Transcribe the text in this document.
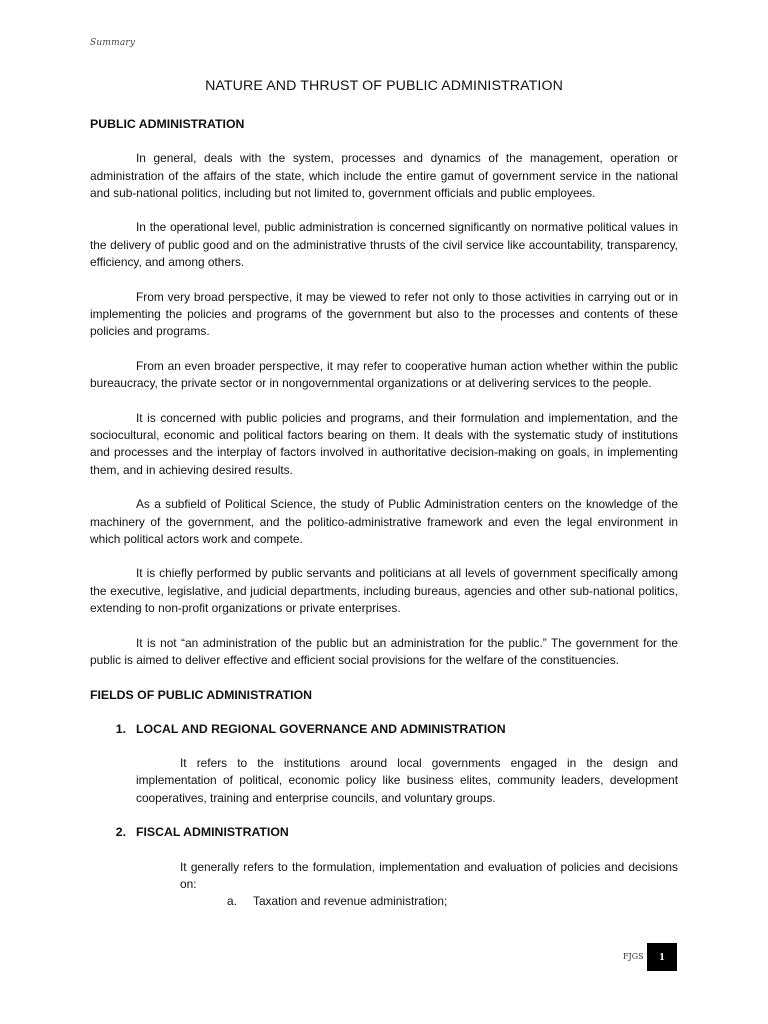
Summary
NATURE AND THRUST OF PUBLIC ADMINISTRATION
PUBLIC ADMINISTRATION

In general, deals with the system, processes and dynamics of the management, operation or administration of the affairs of the state, which include the entire gamut of government service in the national and sub-national politics, including but not limited to, government officials and public employees.

In the operational level, public administration is concerned significantly on normative political values in the delivery of public good and on the administrative thrusts of the civil service like accountability, transparency, efficiency, and among others.

From very broad perspective, it may be viewed to refer not only to those activities in carrying out or in implementing the policies and programs of the government but also to the processes and contents of these policies and programs.

From an even broader perspective, it may refer to cooperative human action whether within the public bureaucracy, the private sector or in nongovernmental organizations or at delivering services to the people.

It is concerned with public policies and programs, and their formulation and implementation, and the sociocultural, economic and political factors bearing on them. It deals with the systematic study of institutions and processes and the interplay of factors involved in authoritative decision-making on goals, in implementing them, and in achieving desired results.

As a subfield of Political Science, the study of Public Administration centers on the knowledge of the machinery of the government, and the politico-administrative framework and even the legal environment in which political actors work and compete.

It is chiefly performed by public servants and politicians at all levels of government specifically among the executive, legislative, and judicial departments, including bureaus, agencies and other sub-national politics, extending to non-profit organizations or private enterprises.

It is not “an administration of the public but an administration for the public.” The government for the public is aimed to deliver effective and efficient social provisions for the welfare of the constituencies.

FIELDS OF PUBLIC ADMINISTRATION
1. LOCAL AND REGIONAL GOVERNANCE AND ADMINISTRATION

It refers to the institutions around local governments engaged in the design and implementation of political, economic policy like business elites, community leaders, development cooperatives, training and enterprise councils, and voluntary groups.

2. FISCAL ADMINISTRATION

It generally refers to the formulation, implementation and evaluation of policies and decisions on:

a.	Taxation and revenue administration;
FJGS	1
